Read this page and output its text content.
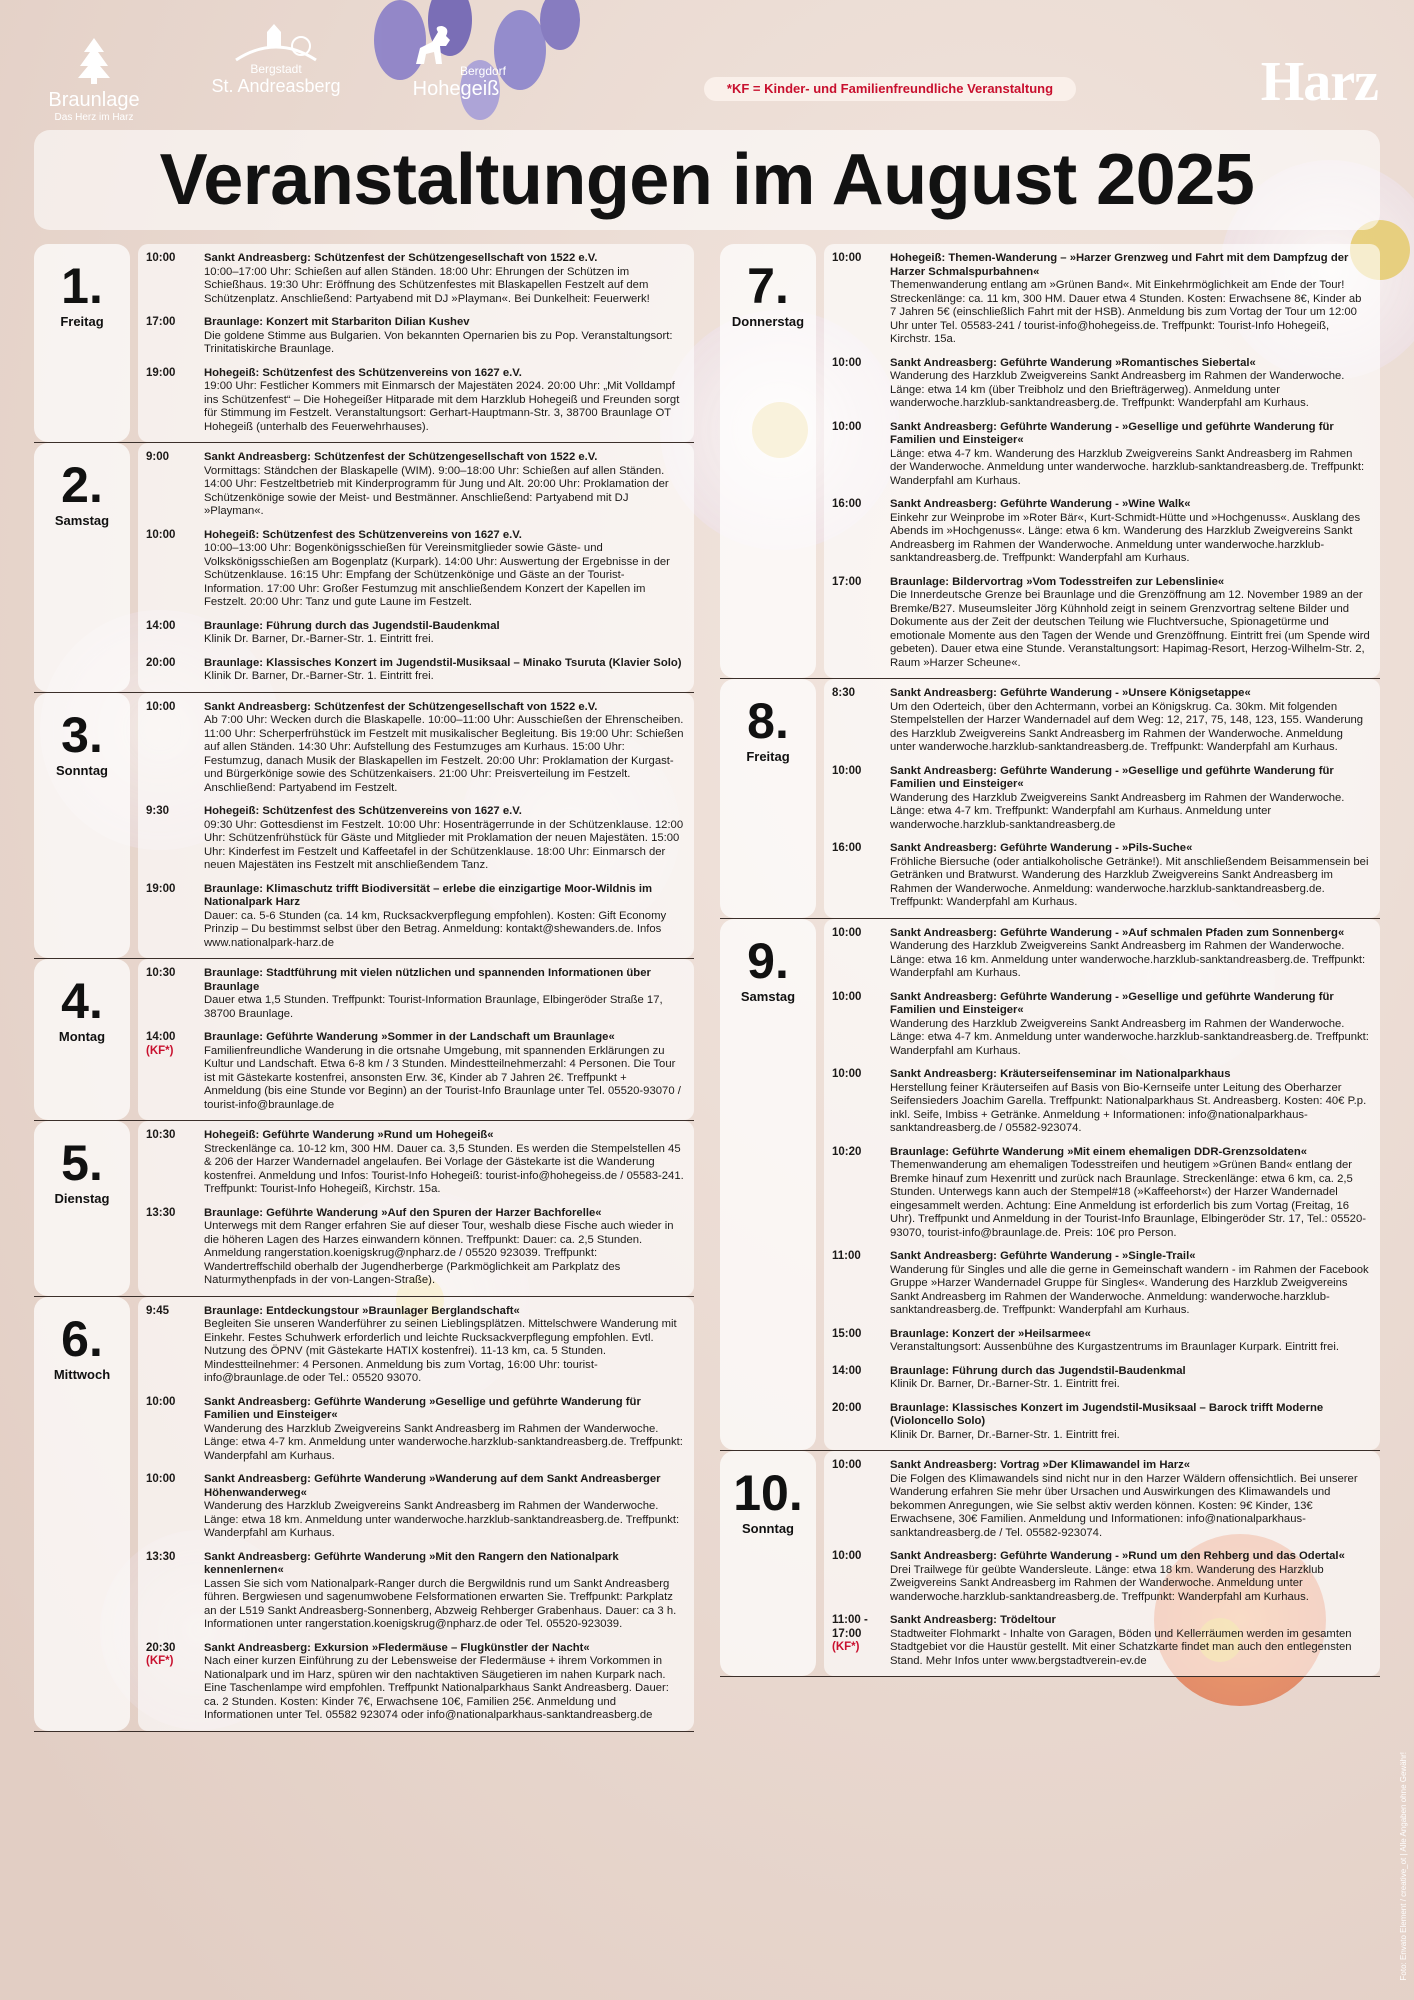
Braunlage
Das Herz im Harz
Bergstadt
St. Andreasberg
Bergdorf
Hohegeiß	Harz
*KF = Kinder- und Familienfreundliche Veranstaltung
Veranstaltungen im August 2025
1.
Freitag
10:00	Sankt Andreasberg: Schützenfest der Schützengesellschaft von 1522 e.V.
10:00–17:00 Uhr: Schießen auf allen Ständen. 18:00 Uhr: Ehrungen der Schützen im Schießhaus. 19:30 Uhr: Eröffnung des Schützenfestes mit Blaskapellen Festzelt auf dem Schützenplatz. Anschließend: Partyabend mit DJ »Playman«. Bei Dunkelheit: Feuerwerk!
17:00	Braunlage: Konzert mit Starbariton Dilian Kushev
Die goldene Stimme aus Bulgarien. Von bekannten Opernarien bis zu Pop. Veranstaltungsort: Trinitatiskirche Braunlage.
19:00	Hohegeiß: Schützenfest des Schützenvereins von 1627 e.V.
19:00 Uhr: Festlicher Kommers mit Einmarsch der Majestäten 2024. 20:00 Uhr: „Mit Volldampf ins Schützenfest“ – Die Hohegeißer Hitparade mit dem Harzklub Hohegeiß und Freunden sorgt für Stimmung im Festzelt. Veranstaltungsort: Gerhart-Hauptmann-Str. 3, 38700 Braunlage OT Hohegeiß (unterhalb des Feuerwehrhauses).
2.
Samstag
9:00	Sankt Andreasberg: Schützenfest der Schützengesellschaft von 1522 e.V.
Vormittags: Ständchen der Blaskapelle (WIM). 9:00–18:00 Uhr: Schießen auf allen Ständen. 14:00 Uhr: Festzeltbetrieb mit Kinderprogramm für Jung und Alt. 20:00 Uhr: Proklamation der Schützenkönige sowie der Meist- und Bestmänner. Anschließend: Partyabend mit DJ »Playman«.
10:00	Hohegeiß: Schützenfest des Schützenvereins von 1627 e.V.
10:00–13:00 Uhr: Bogenkönigsschießen für Vereinsmitglieder sowie Gäste- und Volkskönigsschießen am Bogenplatz (Kurpark). 14:00 Uhr: Auswertung der Ergebnisse in der Schützenklause. 16:15 Uhr: Empfang der Schützenkönige und Gäste an der Tourist-Information. 17:00 Uhr: Großer Festumzug mit anschließendem Konzert der Kapellen im Festzelt. 20:00 Uhr: Tanz und gute Laune im Festzelt.
14:00	Braunlage: Führung durch das Jugendstil-Baudenkmal
Klinik Dr. Barner, Dr.-Barner-Str. 1. Eintritt frei.
20:00	Braunlage: Klassisches Konzert im Jugendstil-Musiksaal – Minako Tsuruta (Klavier Solo)
Klinik Dr. Barner, Dr.-Barner-Str. 1. Eintritt frei.
3.
Sonntag
10:00	Sankt Andreasberg: Schützenfest der Schützengesellschaft von 1522 e.V.
Ab 7:00 Uhr: Wecken durch die Blaskapelle. 10:00–11:00 Uhr: Ausschießen der Ehrenscheiben. 11:00 Uhr: Scherperfrühstück im Festzelt mit musikalischer Begleitung. Bis 19:00 Uhr: Schießen auf allen Ständen. 14:30 Uhr: Aufstellung des Festumzuges am Kurhaus. 15:00 Uhr: Festumzug, danach Musik der Blaskapellen im Festzelt. 20:00 Uhr: Proklamation der Kurgast- und Bürgerkönige sowie des Schützenkaisers. 21:00 Uhr: Preisverteilung im Festzelt. Anschließend: Partyabend im Festzelt.
9:30	Hohegeiß: Schützenfest des Schützenvereins von 1627 e.V.
09:30 Uhr: Gottesdienst im Festzelt. 10:00 Uhr: Hosenträgerrunde in der Schützenklause. 12:00 Uhr: Schützenfrühstück für Gäste und Mitglieder mit Proklamation der neuen Majestäten. 15:00 Uhr: Kinderfest im Festzelt und Kaffeetafel in der Schützenklause. 18:00 Uhr: Einmarsch der neuen Majestäten ins Festzelt mit anschließendem Tanz.
19:00	Braunlage: Klimaschutz trifft Biodiversität – erlebe die einzigartige Moor-Wildnis im Nationalpark Harz
Dauer: ca. 5-6 Stunden (ca. 14 km, Rucksackverpflegung empfohlen). Kosten: Gift Economy Prinzip – Du bestimmst selbst über den Betrag. Anmeldung: kontakt@shewanders.de. Infos www.nationalpark-harz.de
4.
Montag
10:30	Braunlage: Stadtführung mit vielen nützlichen und spannenden Informationen über Braunlage
Dauer etwa 1,5 Stunden. Treffpunkt: Tourist-Information Braunlage, Elbingeröder Straße 17, 38700 Braunlage.
14:00
(KF*)
Braunlage: Geführte Wanderung »Sommer in der Landschaft um Braunlage«
Familienfreundliche Wanderung in die ortsnahe Umgebung, mit spannenden Erklärungen zu Kultur und Landschaft. Etwa 6-8 km / 3 Stunden. Mindestteilnehmerzahl: 4 Personen. Die Tour ist mit Gästekarte kostenfrei, ansonsten Erw. 3€, Kinder ab 7 Jahren 2€. Treffpunkt + Anmeldung (bis eine Stunde vor Beginn) an der Tourist-Info Braunlage unter Tel. 05520-93070 / tourist-info@braunlage.de
5.
Dienstag
10:30	Hohegeiß: Geführte Wanderung »Rund um Hohegeiß«
Streckenlänge ca. 10-12 km, 300 HM. Dauer ca. 3,5 Stunden. Es werden die Stempelstellen 45 & 206 der Harzer Wandernadel angelaufen. Bei Vorlage der Gästekarte ist die Wanderung kostenfrei. Anmeldung und Infos: Tourist-Info Hohegeiß: tourist-info@hohegeiss.de / 05583-241. Treffpunkt: Tourist-Info Hohegeiß, Kirchstr. 15a.
13:30	Braunlage: Geführte Wanderung »Auf den Spuren der Harzer Bachforelle«
Unterwegs mit dem Ranger erfahren Sie auf dieser Tour, weshalb diese Fische auch wieder in die höheren Lagen des Harzes einwandern können. Treffpunkt: Dauer: ca. 2,5 Stunden. Anmeldung rangerstation.koenigskrug@npharz.de / 05520 923039. Treffpunkt: Wandertreffschild oberhalb der Jugendherberge (Parkmöglichkeit am Parkplatz des Naturmythenpfads in der von-Langen-Straße).
6.
Mittwoch
9:45	Braunlage: Entdeckungstour »Braunlager Berglandschaft«
Begleiten Sie unseren Wanderführer zu seinen Lieblingsplätzen. Mittelschwere Wanderung mit Einkehr. Festes Schuhwerk erforderlich und leichte Rucksackverpflegung empfohlen. Evtl. Nutzung des ÖPNV (mit Gästekarte HATIX kostenfrei). 11-13 km, ca. 5 Stunden. Mindestteilnehmer: 4 Personen. Anmeldung bis zum Vortag, 16:00 Uhr: tourist-info@braunlage.de oder Tel.: 05520 93070.
10:00	Sankt Andreasberg: Geführte Wanderung »Gesellige und geführte Wanderung für Familien und Einsteiger«
Wanderung des Harzklub Zweigvereins Sankt Andreasberg im Rahmen der Wanderwoche. Länge: etwa 4-7 km. Anmeldung unter wanderwoche.harzklub-sanktandreasberg.de. Treffpunkt: Wanderpfahl am Kurhaus.
10:00	Sankt Andreasberg: Geführte Wanderung »Wanderung auf dem Sankt Andreasberger Höhenwanderweg«
Wanderung des Harzklub Zweigvereins Sankt Andreasberg im Rahmen der Wanderwoche. Länge: etwa 18 km. Anmeldung unter wanderwoche.harzklub-sanktandreasberg.de. Treffpunkt: Wanderpfahl am Kurhaus.
13:30	Sankt Andreasberg: Geführte Wanderung »Mit den Rangern den Nationalpark kennenlernen«
Lassen Sie sich vom Nationalpark-Ranger durch die Bergwildnis rund um Sankt Andreasberg führen. Bergwiesen und sagenumwobene Felsformationen erwarten Sie. Treffpunkt: Parkplatz an der L519 Sankt Andreasberg-Sonnenberg, Abzweig Rehberger Grabenhaus. Dauer: ca 3 h. Informationen unter rangerstation.koenigskrug@npharz.de oder Tel. 05520-923039.
20:30
(KF*)
Sankt Andreasberg: Exkursion »Fledermäuse – Flugkünstler der Nacht«
Nach einer kurzen Einführung zu der Lebensweise der Fledermäuse + ihrem Vorkommen in Nationalpark und im Harz, spüren wir den nachtaktiven Säugetieren im nahen Kurpark nach. Eine Taschenlampe wird empfohlen. Treffpunkt Nationalparkhaus Sankt Andreasberg. Dauer: ca. 2 Stunden. Kosten: Kinder 7€, Erwachsene 10€, Familien 25€. Anmeldung und Informationen unter Tel. 05582 923074 oder info@nationalparkhaus-sanktandreasberg.de
7.
Donnerstag
10:00	Hohegeiß: Themen-Wanderung – »Harzer Grenzweg und Fahrt mit dem Dampfzug der Harzer Schmalspurbahnen«
Themenwanderung entlang am »Grünen Band«. Mit Einkehrmöglichkeit am Ende der Tour! Streckenlänge: ca. 11 km, 300 HM. Dauer etwa 4 Stunden. Kosten: Erwachsene 8€, Kinder ab 7 Jahren 5€ (einschließlich Fahrt mit der HSB). Anmeldung bis zum Vortag der Tour um 12:00 Uhr unter Tel. 05583-241 / tourist-info@hohegeiss.de. Treffpunkt: Tourist-Info Hohegeiß, Kirchstr. 15a.
10:00	Sankt Andreasberg: Geführte Wanderung »Romantisches Siebertal«
Wanderung des Harzklub Zweigvereins Sankt Andreasberg im Rahmen der Wanderwoche. Länge: etwa 14 km (über Treibholz und den Briefträgerweg). Anmeldung unter wanderwoche.harzklub-sanktandreasberg.de. Treffpunkt: Wanderpfahl am Kurhaus.
10:00	Sankt Andreasberg: Geführte Wanderung - »Gesellige und geführte Wanderung für Familien und Einsteiger«
Länge: etwa 4-7 km. Wanderung des Harzklub Zweigvereins Sankt Andreasberg im Rahmen der Wanderwoche. Anmeldung unter wanderwoche. harzklub-sanktandreasberg.de. Treffpunkt: Wanderpfahl am Kurhaus.
16:00	Sankt Andreasberg: Geführte Wanderung - »Wine Walk«
Einkehr zur Weinprobe im »Roter Bär«, Kurt-Schmidt-Hütte und »Hochgenuss«. Ausklang des Abends im »Hochgenuss«. Länge: etwa 6 km. Wanderung des Harzklub Zweigvereins Sankt Andreasberg im Rahmen der Wanderwoche. Anmeldung unter wanderwoche.harzklub-sanktandreasberg.de. Treffpunkt: Wanderpfahl am Kurhaus.
17:00	Braunlage: Bildervortrag »Vom Todesstreifen zur Lebenslinie«
Die Innerdeutsche Grenze bei Braunlage und die Grenzöffnung am 12. November 1989 an der Bremke/B27. Museumsleiter Jörg Kühnhold zeigt in seinem Grenzvortrag seltene Bilder und Dokumente aus der Zeit der deutschen Teilung wie Fluchtversuche, Spionagetürme und emotionale Momente aus den Tagen der Wende und Grenzöffnung. Eintritt frei (um Spende wird gebeten). Dauer etwa eine Stunde. Veranstaltungsort: Hapimag-Resort, Herzog-Wilhelm-Str. 2, Raum »Harzer Scheune«.
8.
Freitag
8:30	Sankt Andreasberg: Geführte Wanderung - »Unsere Königsetappe«
Um den Oderteich, über den Achtermann, vorbei an Königskrug. Ca. 30km. Mit folgenden Stempelstellen der Harzer Wandernadel auf dem Weg: 12, 217, 75, 148, 123, 155. Wanderung des Harzklub Zweigvereins Sankt Andreasberg im Rahmen der Wanderwoche. Anmeldung unter wanderwoche.harzklub-sanktandreasberg.de. Treffpunkt: Wanderpfahl am Kurhaus.
10:00	Sankt Andreasberg: Geführte Wanderung - »Gesellige und geführte Wanderung für Familien und Einsteiger«
Wanderung des Harzklub Zweigvereins Sankt Andreasberg im Rahmen der Wanderwoche. Länge: etwa 4-7 km. Treffpunkt: Wanderpfahl am Kurhaus. Anmeldung unter wanderwoche.harzklub-sanktandreasberg.de
16:00	Sankt Andreasberg: Geführte Wanderung - »Pils-Suche«
Fröhliche Biersuche (oder antialkoholische Getränke!). Mit anschließendem Beisammensein bei Getränken und Bratwurst. Wanderung des Harzklub Zweigvereins Sankt Andreasberg im Rahmen der Wanderwoche. Anmeldung: wanderwoche.harzklub-sanktandreasberg.de. Treffpunkt: Wanderpfahl am Kurhaus.
9.
Samstag
10:00	Sankt Andreasberg: Geführte Wanderung - »Auf schmalen Pfaden zum Sonnenberg«
Wanderung des Harzklub Zweigvereins Sankt Andreasberg im Rahmen der Wanderwoche. Länge: etwa 16 km. Anmeldung unter wanderwoche.harzklub-sanktandreasberg.de. Treffpunkt: Wanderpfahl am Kurhaus.
10:00	Sankt Andreasberg: Geführte Wanderung - »Gesellige und geführte Wanderung für Familien und Einsteiger«
Wanderung des Harzklub Zweigvereins Sankt Andreasberg im Rahmen der Wanderwoche. Länge: etwa 4-7 km. Anmeldung unter wanderwoche.harzklub-sanktandreasberg.de. Treffpunkt: Wanderpfahl am Kurhaus.
10:00	Sankt Andreasberg: Kräuterseifenseminar im Nationalparkhaus
Herstellung feiner Kräuterseifen auf Basis von Bio-Kernseife unter Leitung des Oberharzer Seifensieders Joachim Garella. Treffpunkt: Nationalparkhaus St. Andreasberg. Kosten: 40€ P.p. inkl. Seife, Imbiss + Getränke. Anmeldung + Informationen: info@nationalparkhaus-sanktandreasberg.de / 05582-923074.
10:20	Braunlage: Geführte Wanderung »Mit einem ehemaligen DDR-Grenzsoldaten«
Themenwanderung am ehemaligen Todesstreifen und heutigem »Grünen Band« entlang der Bremke hinauf zum Hexenritt und zurück nach Braunlage. Streckenlänge: etwa 6 km, ca. 2,5 Stunden. Unterwegs kann auch der Stempel#18 (»Kaffeehorst«) der Harzer Wandernadel eingesammelt werden. Achtung: Eine Anmeldung ist erforderlich bis zum Vortag (Freitag, 16 Uhr). Treffpunkt und Anmeldung in der Tourist-Info Braunlage, Elbingeröder Str. 17, Tel.: 05520-93070, tourist-info@braunlage.de. Preis: 10€ pro Person.
11:00	Sankt Andreasberg: Geführte Wanderung - »Single-Trail«
Wanderung für Singles und alle die gerne in Gemeinschaft wandern - im Rahmen der Facebook Gruppe »Harzer Wandernadel Gruppe für Singles«. Wanderung des Harzklub Zweigvereins Sankt Andreasberg im Rahmen der Wanderwoche. Anmeldung: wanderwoche.harzklub-sanktandreasberg.de. Treffpunkt: Wanderpfahl am Kurhaus.
15:00	Braunlage: Konzert der »Heilsarmee«
Veranstaltungsort: Aussenbühne des Kurgastzentrums im Braunlager Kurpark. Eintritt frei.
14:00	Braunlage: Führung durch das Jugendstil-Baudenkmal
Klinik Dr. Barner, Dr.-Barner-Str. 1. Eintritt frei.
20:00	Braunlage: Klassisches Konzert im Jugendstil-Musiksaal – Barock trifft Moderne (Violoncello Solo)
Klinik Dr. Barner, Dr.-Barner-Str. 1. Eintritt frei.
10.
Sonntag
10:00	Sankt Andreasberg: Vortrag »Der Klimawandel im Harz«
Die Folgen des Klimawandels sind nicht nur in den Harzer Wäldern offensichtlich. Bei unserer Wanderung erfahren Sie mehr über Ursachen und Auswirkungen des Klimawandels und bekommen Anregungen, wie Sie selbst aktiv werden können. Kosten: 9€ Kinder, 13€ Erwachsene, 30€ Familien. Anmeldung und Informationen: info@nationalparkhaus-sanktandreasberg.de / Tel. 05582-923074.
10:00	Sankt Andreasberg: Geführte Wanderung - »Rund um den Rehberg und das Odertal«
Drei Trailwege für geübte Wandersleute. Länge: etwa 18 km. Wanderung des Harzklub Zweigvereins Sankt Andreasberg im Rahmen der Wanderwoche. Anmeldung unter wanderwoche.harzklub-sanktandreasberg.de. Treffpunkt: Wanderpfahl am Kurhaus.
11:00 - 17:00
(KF*)
Sankt Andreasberg: Trödeltour
Stadtweiter Flohmarkt - Inhalte von Garagen, Böden und Kellerräumen werden im gesamten Stadtgebiet vor die Haustür gestellt. Mit einer Schatzkarte findet man auch den entlegensten Stand. Mehr Infos unter www.bergstadtverein-ev.de
Foto: Envato Element / creative_ot | Alle Angaben ohne Gewähr!
